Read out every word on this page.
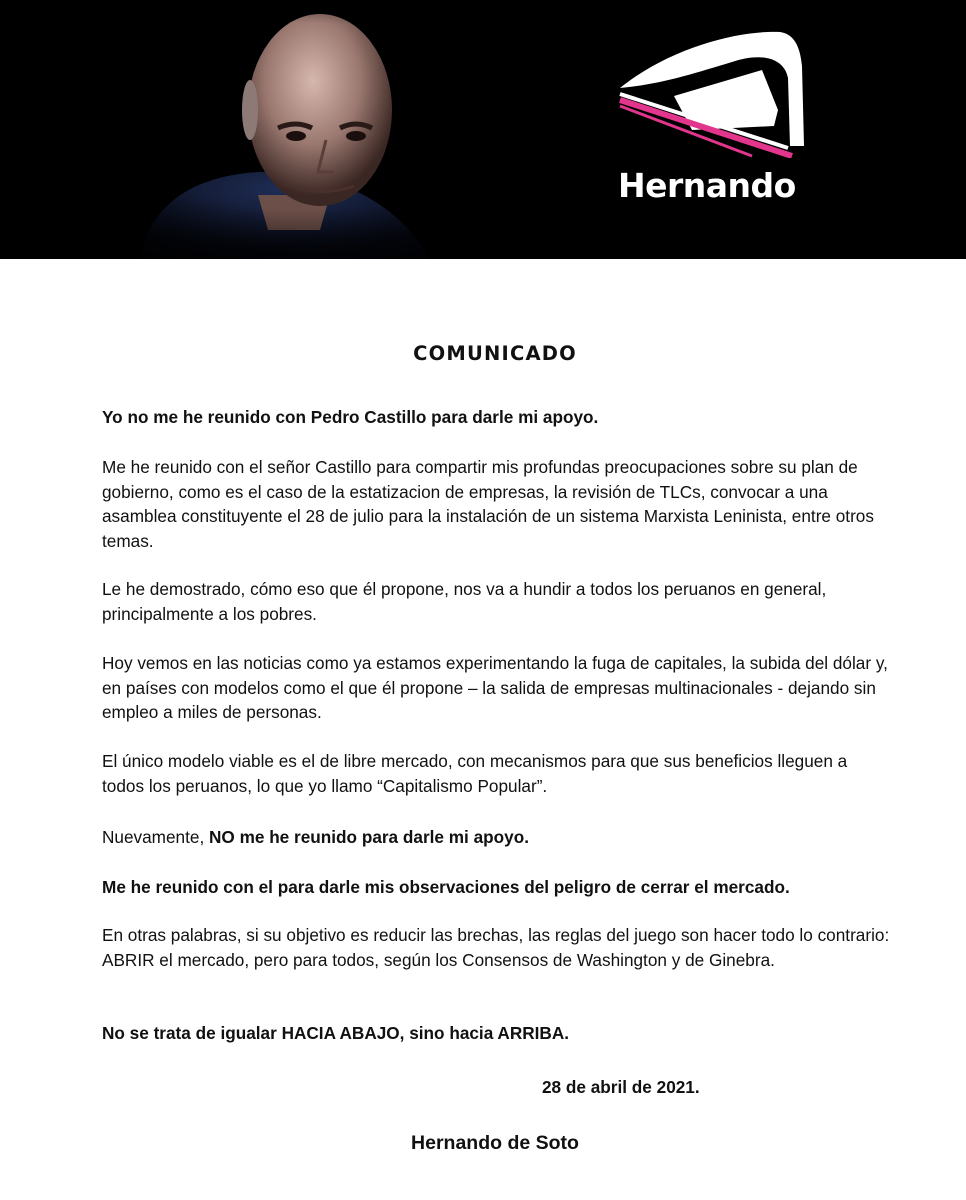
Hernando
COMUNICADO

Yo no me he reunido con Pedro Castillo para darle mi apoyo.

Me he reunido con el señor Castillo para compartir mis profundas preocupaciones sobre su plan de gobierno, como es el caso de la estatizacion de empresas, la revisión de TLCs, convocar a una asamblea constituyente el 28 de julio para la instalación de un sistema Marxista Leninista, entre otros temas.

Le he demostrado, cómo eso que él propone, nos va a hundir a todos los peruanos en general, principalmente a los pobres.

Hoy vemos en las noticias como ya estamos experimentando la fuga de capitales, la subida del dólar y, en países con modelos como el que él propone – la salida de empresas multinacionales - dejando sin empleo a miles de personas.

El único modelo viable es el de libre mercado, con mecanismos para que sus beneficios lleguen a todos los peruanos, lo que yo llamo “Capitalismo Popular”.

Nuevamente, NO me he reunido para darle mi apoyo.

Me he reunido con el para darle mis observaciones del peligro de cerrar el mercado.

En otras palabras, si su objetivo es reducir las brechas, las reglas del juego son hacer todo lo contrario: ABRIR el mercado, pero para todos, según los Consensos de Washington y de Ginebra.

No se trata de igualar HACIA ABAJO, sino hacia ARRIBA.

28 de abril de 2021.
Hernando de Soto
